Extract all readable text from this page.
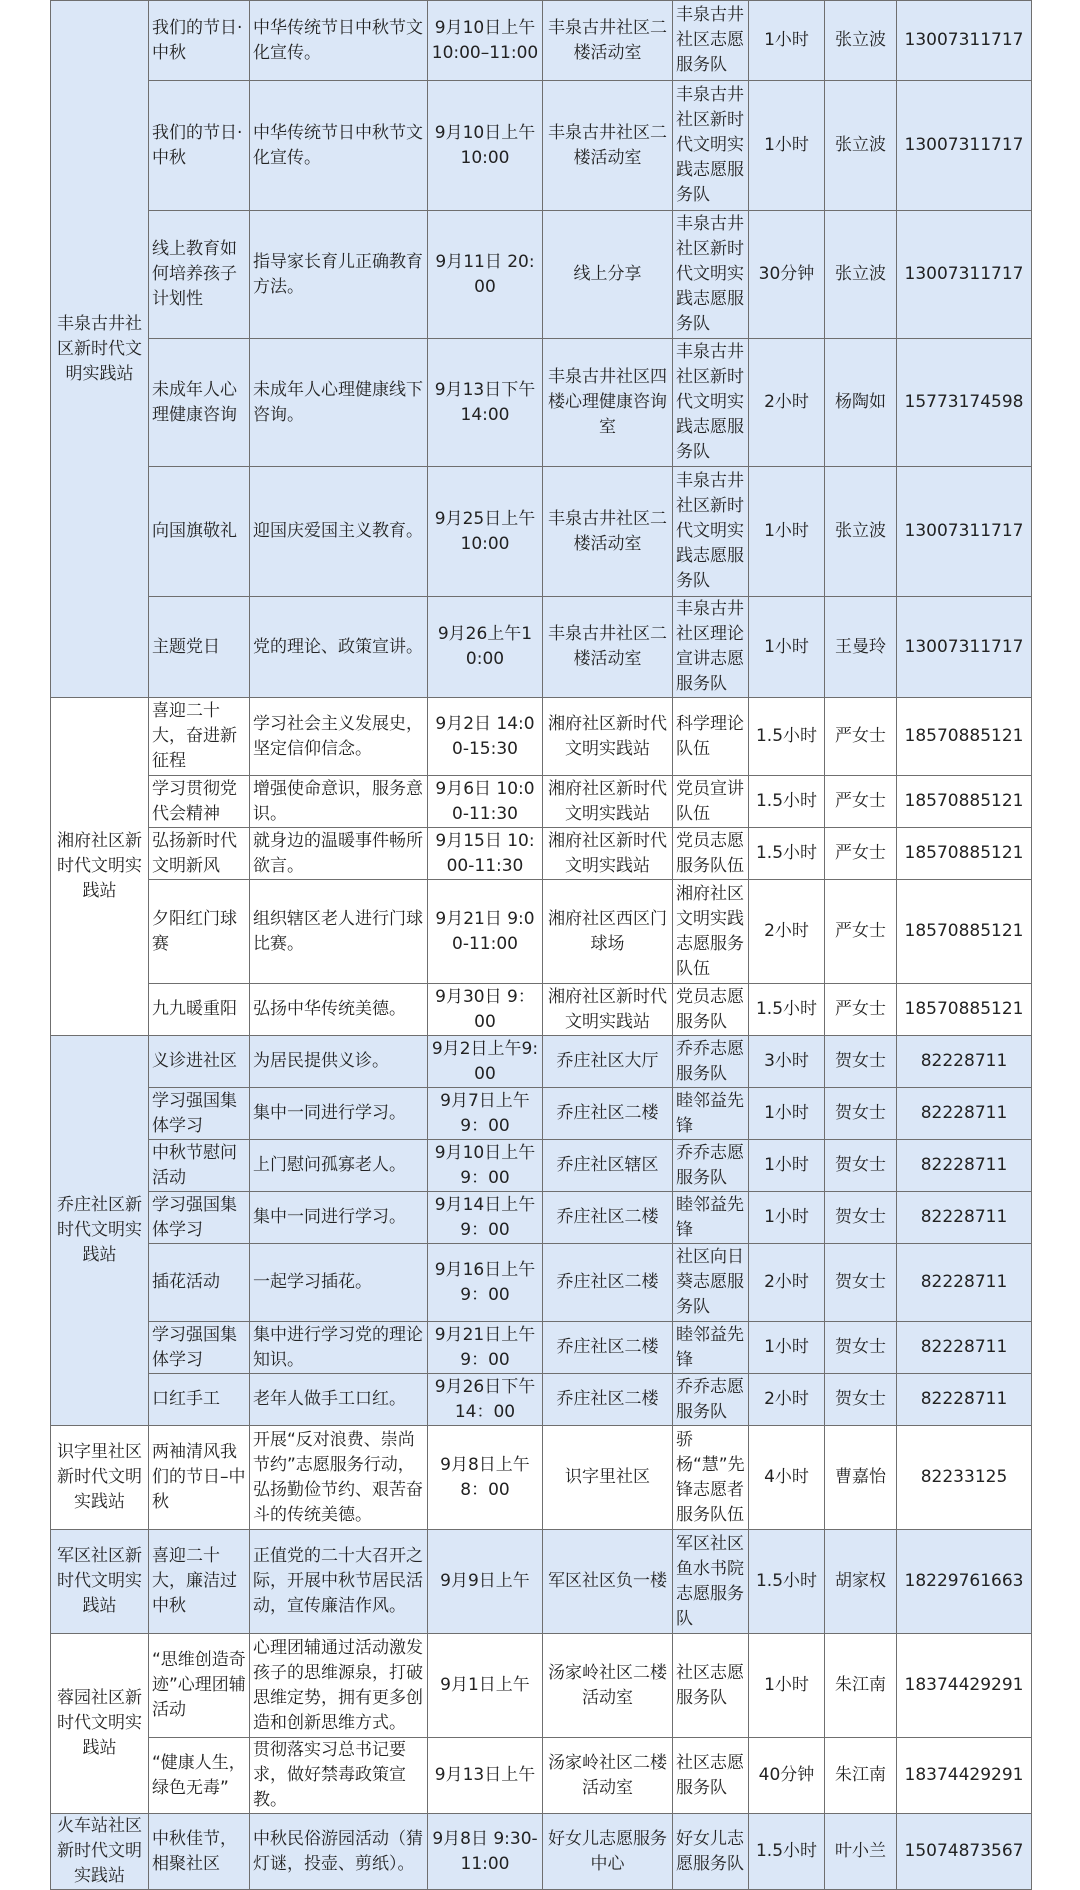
丰泉古井社区新时代文明实践站	我们的节日·中秋	中华传统节日中秋节文化宣传。	9月10日上午10:00–11:00	丰泉古井社区二楼活动室	丰泉古井社区志愿服务队	1小时	张立波	13007311717
	我们的节日·中秋	中华传统节日中秋节文化宣传。	9月10日上午10:00	丰泉古井社区二楼活动室	丰泉古井社区新时代文明实践志愿服务队	1小时	张立波	13007311717
	线上教育如何培养孩子计划性	指导家长育儿正确教育方法。	9月11日 20:00	线上分享	丰泉古井社区新时代文明实践志愿服务队	30分钟	张立波	13007311717
	未成年人心理健康咨询	未成年人心理健康线下咨询。	9月13日下午14:00	丰泉古井社区四楼心理健康咨询室	丰泉古井社区新时代文明实践志愿服务队	2小时	杨陶如	15773174598
	向国旗敬礼	迎国庆爱国主义教育。	9月25日上午10:00	丰泉古井社区二楼活动室	丰泉古井社区新时代文明实践志愿服务队	1小时	张立波	13007311717
	主题党日	党的理论、政策宣讲。	9月26上午10:00	丰泉古井社区二楼活动室	丰泉古井社区理论宣讲志愿服务队	1小时	王曼玲	13007311717
湘府社区新时代文明实践站	喜迎二十大，奋进新征程	学习社会主义发展史，坚定信仰信念。	9月2日 14:00-15:30	湘府社区新时代文明实践站	科学理论队伍	1.5小时	严女士	18570885121
	学习贯彻党代会精神	增强使命意识，服务意识。	9月6日 10:00-11:30	湘府社区新时代文明实践站	党员宣讲队伍	1.5小时	严女士	18570885121
	弘扬新时代文明新风	就身边的温暖事件畅所欲言。	9月15日 10:00-11:30	湘府社区新时代文明实践站	党员志愿服务队伍	1.5小时	严女士	18570885121
	夕阳红门球赛	组织辖区老人进行门球比赛。	9月21日 9:00-11:00	湘府社区西区门球场	湘府社区文明实践志愿服务队伍	2小时	严女士	18570885121
	九九暖重阳	弘扬中华传统美德。	9月30日 9：00	湘府社区新时代文明实践站	党员志愿服务队	1.5小时	严女士	18570885121
乔庄社区新时代文明实践站	义诊进社区	为居民提供义诊。	9月2日上午9:00	乔庄社区大厅	乔乔志愿服务队	3小时	贺女士	82228711
	学习强国集体学习	集中一同进行学习。	9月7日上午9：00	乔庄社区二楼	睦邻益先锋	1小时	贺女士	82228711
	中秋节慰问活动	上门慰问孤寡老人。	9月10日上午9：00	乔庄社区辖区	乔乔志愿服务队	1小时	贺女士	82228711
	学习强国集体学习	集中一同进行学习。	9月14日上午9：00	乔庄社区二楼	睦邻益先锋	1小时	贺女士	82228711
	插花活动	一起学习插花。	9月16日上午9：00	乔庄社区二楼	社区向日葵志愿服务队	2小时	贺女士	82228711
	学习强国集体学习	集中进行学习党的理论知识。	9月21日上午9：00	乔庄社区二楼	睦邻益先锋	1小时	贺女士	82228711
	口红手工	老年人做手工口红。	9月26日下午14：00	乔庄社区二楼	乔乔志愿服务队	2小时	贺女士	82228711
识字里社区新时代文明实践站	两袖清风我们的节日–中秋	开展“反对浪费、崇尚节约”志愿服务行动，弘扬勤俭节约、艰苦奋斗的传统美德。	9月8日上午8：00	识字里社区	骄杨“慧”先锋志愿者服务队伍	4小时	曹嘉怡	82233125
军区社区新时代文明实践站	喜迎二十大，廉洁过中秋	正值党的二十大召开之际，开展中秋节居民活动，宣传廉洁作风。	9月9日上午	军区社区负一楼	军区社区鱼水书院志愿服务队	1.5小时	胡家权	18229761663
蓉园社区新时代文明实践站	“思维创造奇迹”心理团辅活动	心理团辅通过活动激发孩子的思维源泉，打破思维定势，拥有更多创造和创新思维方式。	9月1日上午	汤家岭社区二楼活动室	社区志愿服务队	1小时	朱江南	18374429291
	“健康人生，绿色无毒”	贯彻落实习总书记要求，做好禁毒政策宣教。	9月13日上午	汤家岭社区二楼活动室	社区志愿服务队	40分钟	朱江南	18374429291
火车站社区新时代文明实践站	中秋佳节，相聚社区	中秋民俗游园活动（猜灯谜，投壶、剪纸）。	9月8日 9:30-11:00	好女儿志愿服务中心	好女儿志愿服务队	1.5小时	叶小兰	15074873567
